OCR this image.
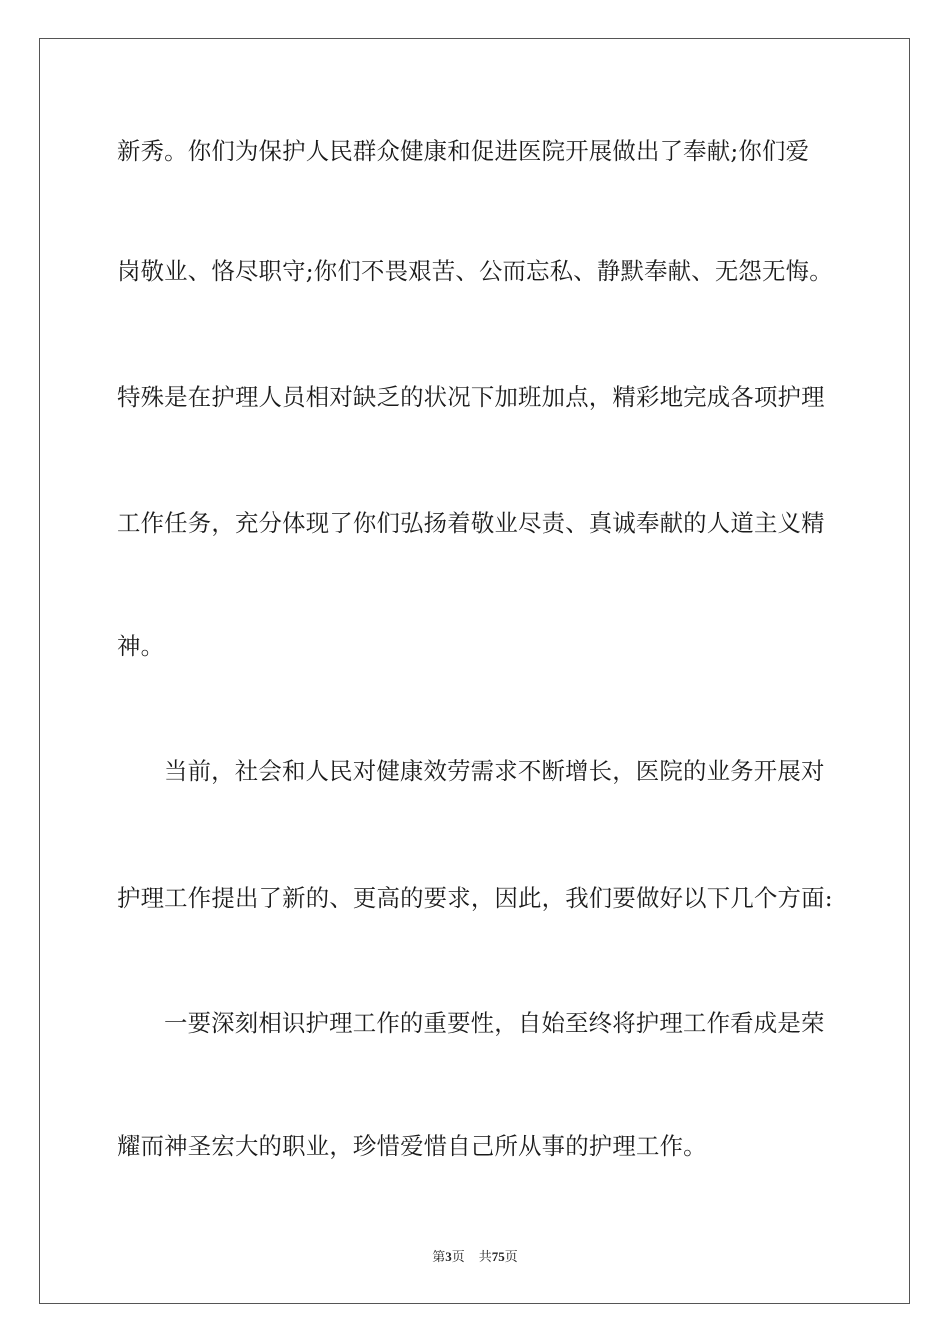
新秀。你们为保护人民群众健康和促进医院开展做出了奉献;你们爱
岗敬业、恪尽职守;你们不畏艰苦、公而忘私、静默奉献、无怨无悔。
特殊是在护理人员相对缺乏的状况下加班加点，精彩地完成各项护理
工作任务，充分体现了你们弘扬着敬业尽责、真诚奉献的人道主义精
神。
当前，社会和人民对健康效劳需求不断增长，医院的业务开展对
护理工作提出了新的、更高的要求，因此，我们要做好以下几个方面:
一要深刻相识护理工作的重要性，自始至终将护理工作看成是荣
耀而神圣宏大的职业，珍惜爱惜自己所从事的护理工作。
第3页 共75页
